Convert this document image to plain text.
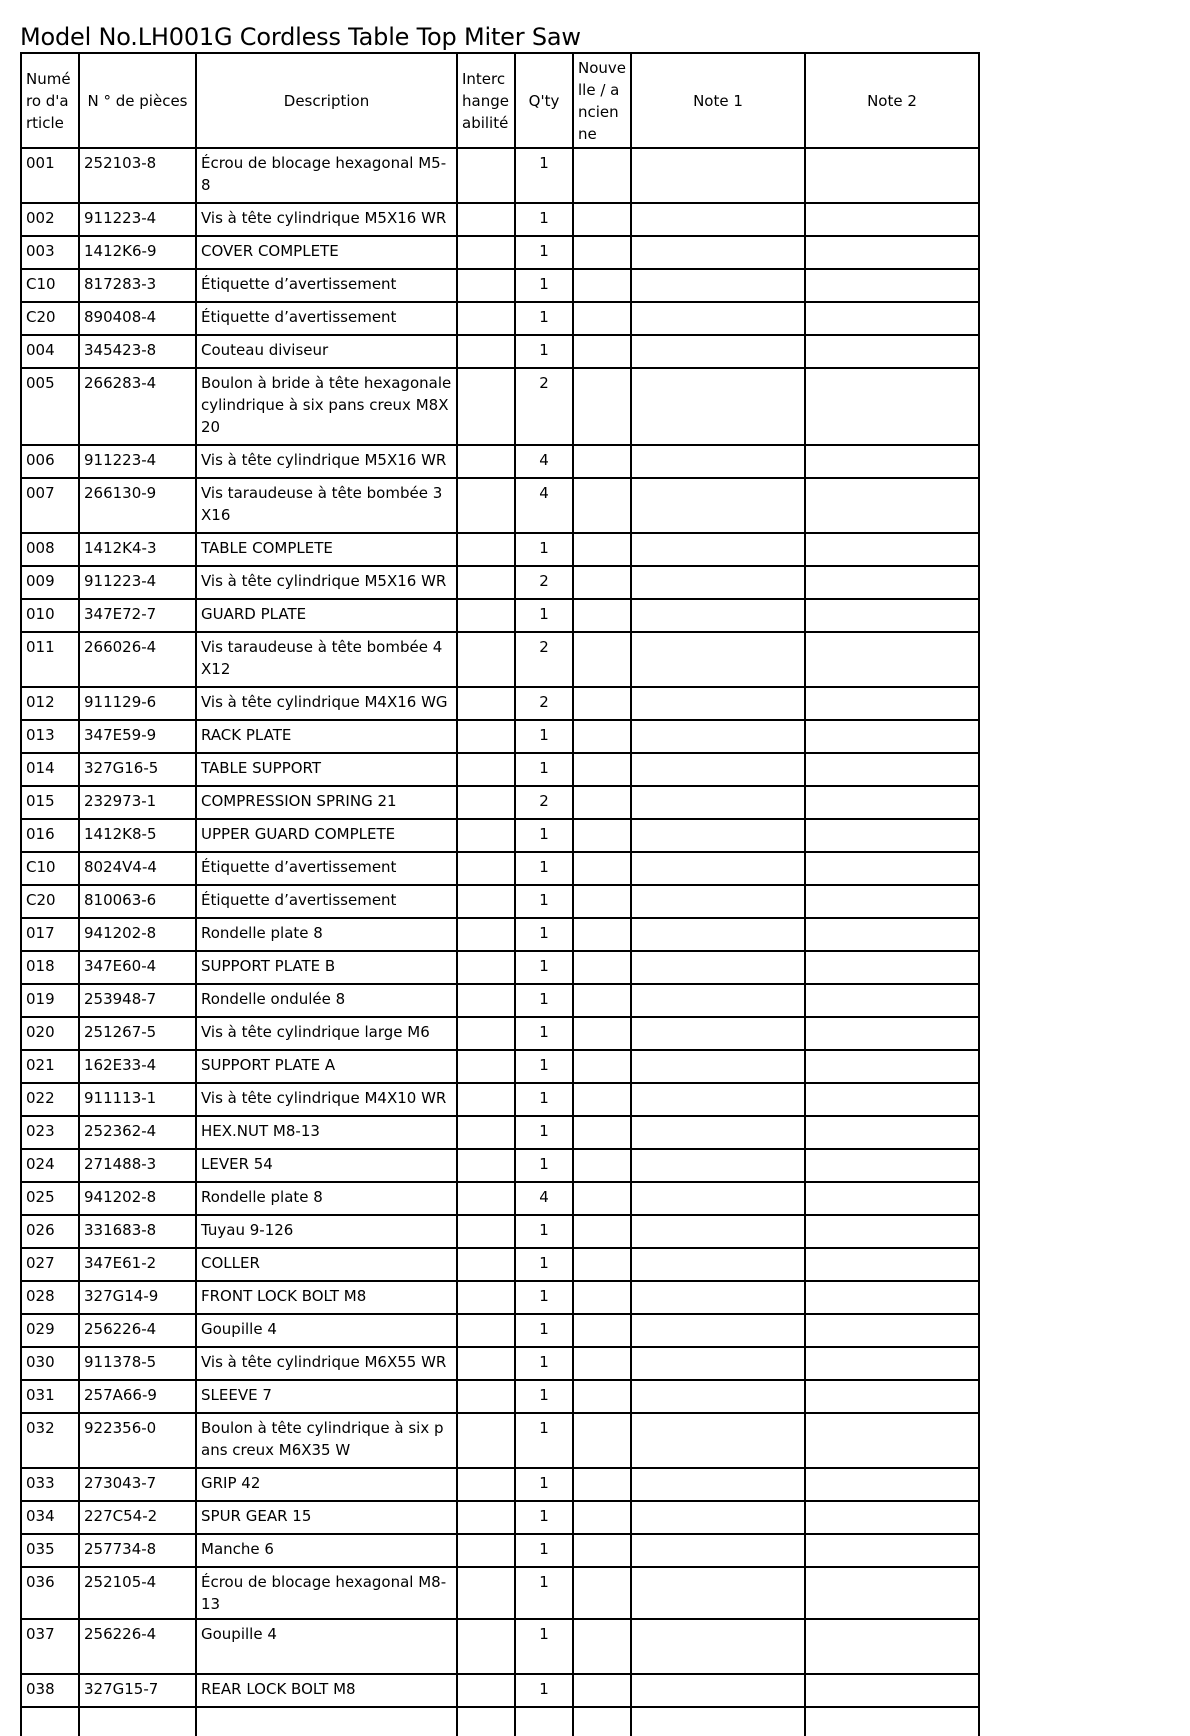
Model No.LH001G Cordless Table Top Miter Saw
Numéro d'article	N ° de pièces	Description	Interchangeabilité	Q'ty	Nouvelle / ancienne	Note 1	Note 2
001	252103-8	Écrou de blocage hexagonal M5-8		1			
002	911223-4	Vis à tête cylindrique M5X16 WR		1			
003	1412K6-9	COVER COMPLETE		1			
C10	817283-3	Étiquette d’avertissement		1			
C20	890408-4	Étiquette d’avertissement		1			
004	345423-8	Couteau diviseur		1			
005	266283-4	Boulon à bride à tête hexagonale cylindrique à six pans creux M8X20		2			
006	911223-4	Vis à tête cylindrique M5X16 WR		4			
007	266130-9	Vis taraudeuse à tête bombée 3X16		4			
008	1412K4-3	TABLE COMPLETE		1			
009	911223-4	Vis à tête cylindrique M5X16 WR		2			
010	347E72-7	GUARD PLATE		1			
011	266026-4	Vis taraudeuse à tête bombée 4X12		2			
012	911129-6	Vis à tête cylindrique M4X16 WG		2			
013	347E59-9	RACK PLATE		1			
014	327G16-5	TABLE SUPPORT		1			
015	232973-1	COMPRESSION SPRING 21		2			
016	1412K8-5	UPPER GUARD COMPLETE		1			
C10	8024V4-4	Étiquette d’avertissement		1			
C20	810063-6	Étiquette d’avertissement		1			
017	941202-8	Rondelle plate 8		1			
018	347E60-4	SUPPORT PLATE B		1			
019	253948-7	Rondelle ondulée 8		1			
020	251267-5	Vis à tête cylindrique large M6		1			
021	162E33-4	SUPPORT PLATE A		1			
022	911113-1	Vis à tête cylindrique M4X10 WR		1			
023	252362-4	HEX.NUT M8-13		1			
024	271488-3	LEVER 54		1			
025	941202-8	Rondelle plate 8		4			
026	331683-8	Tuyau 9-126		1			
027	347E61-2	COLLER		1			
028	327G14-9	FRONT LOCK BOLT M8		1			
029	256226-4	Goupille 4		1			
030	911378-5	Vis à tête cylindrique M6X55 WR		1			
031	257A66-9	SLEEVE 7		1			
032	922356-0	Boulon à tête cylindrique à six pans creux M6X35 W		1			
033	273043-7	GRIP 42		1			
034	227C54-2	SPUR GEAR 15		1			
035	257734-8	Manche 6		1			
036	252105-4	Écrou de blocage hexagonal M8-13		1			
037	256226-4	Goupille 4		1			
038	327G15-7	REAR LOCK BOLT M8		1			
